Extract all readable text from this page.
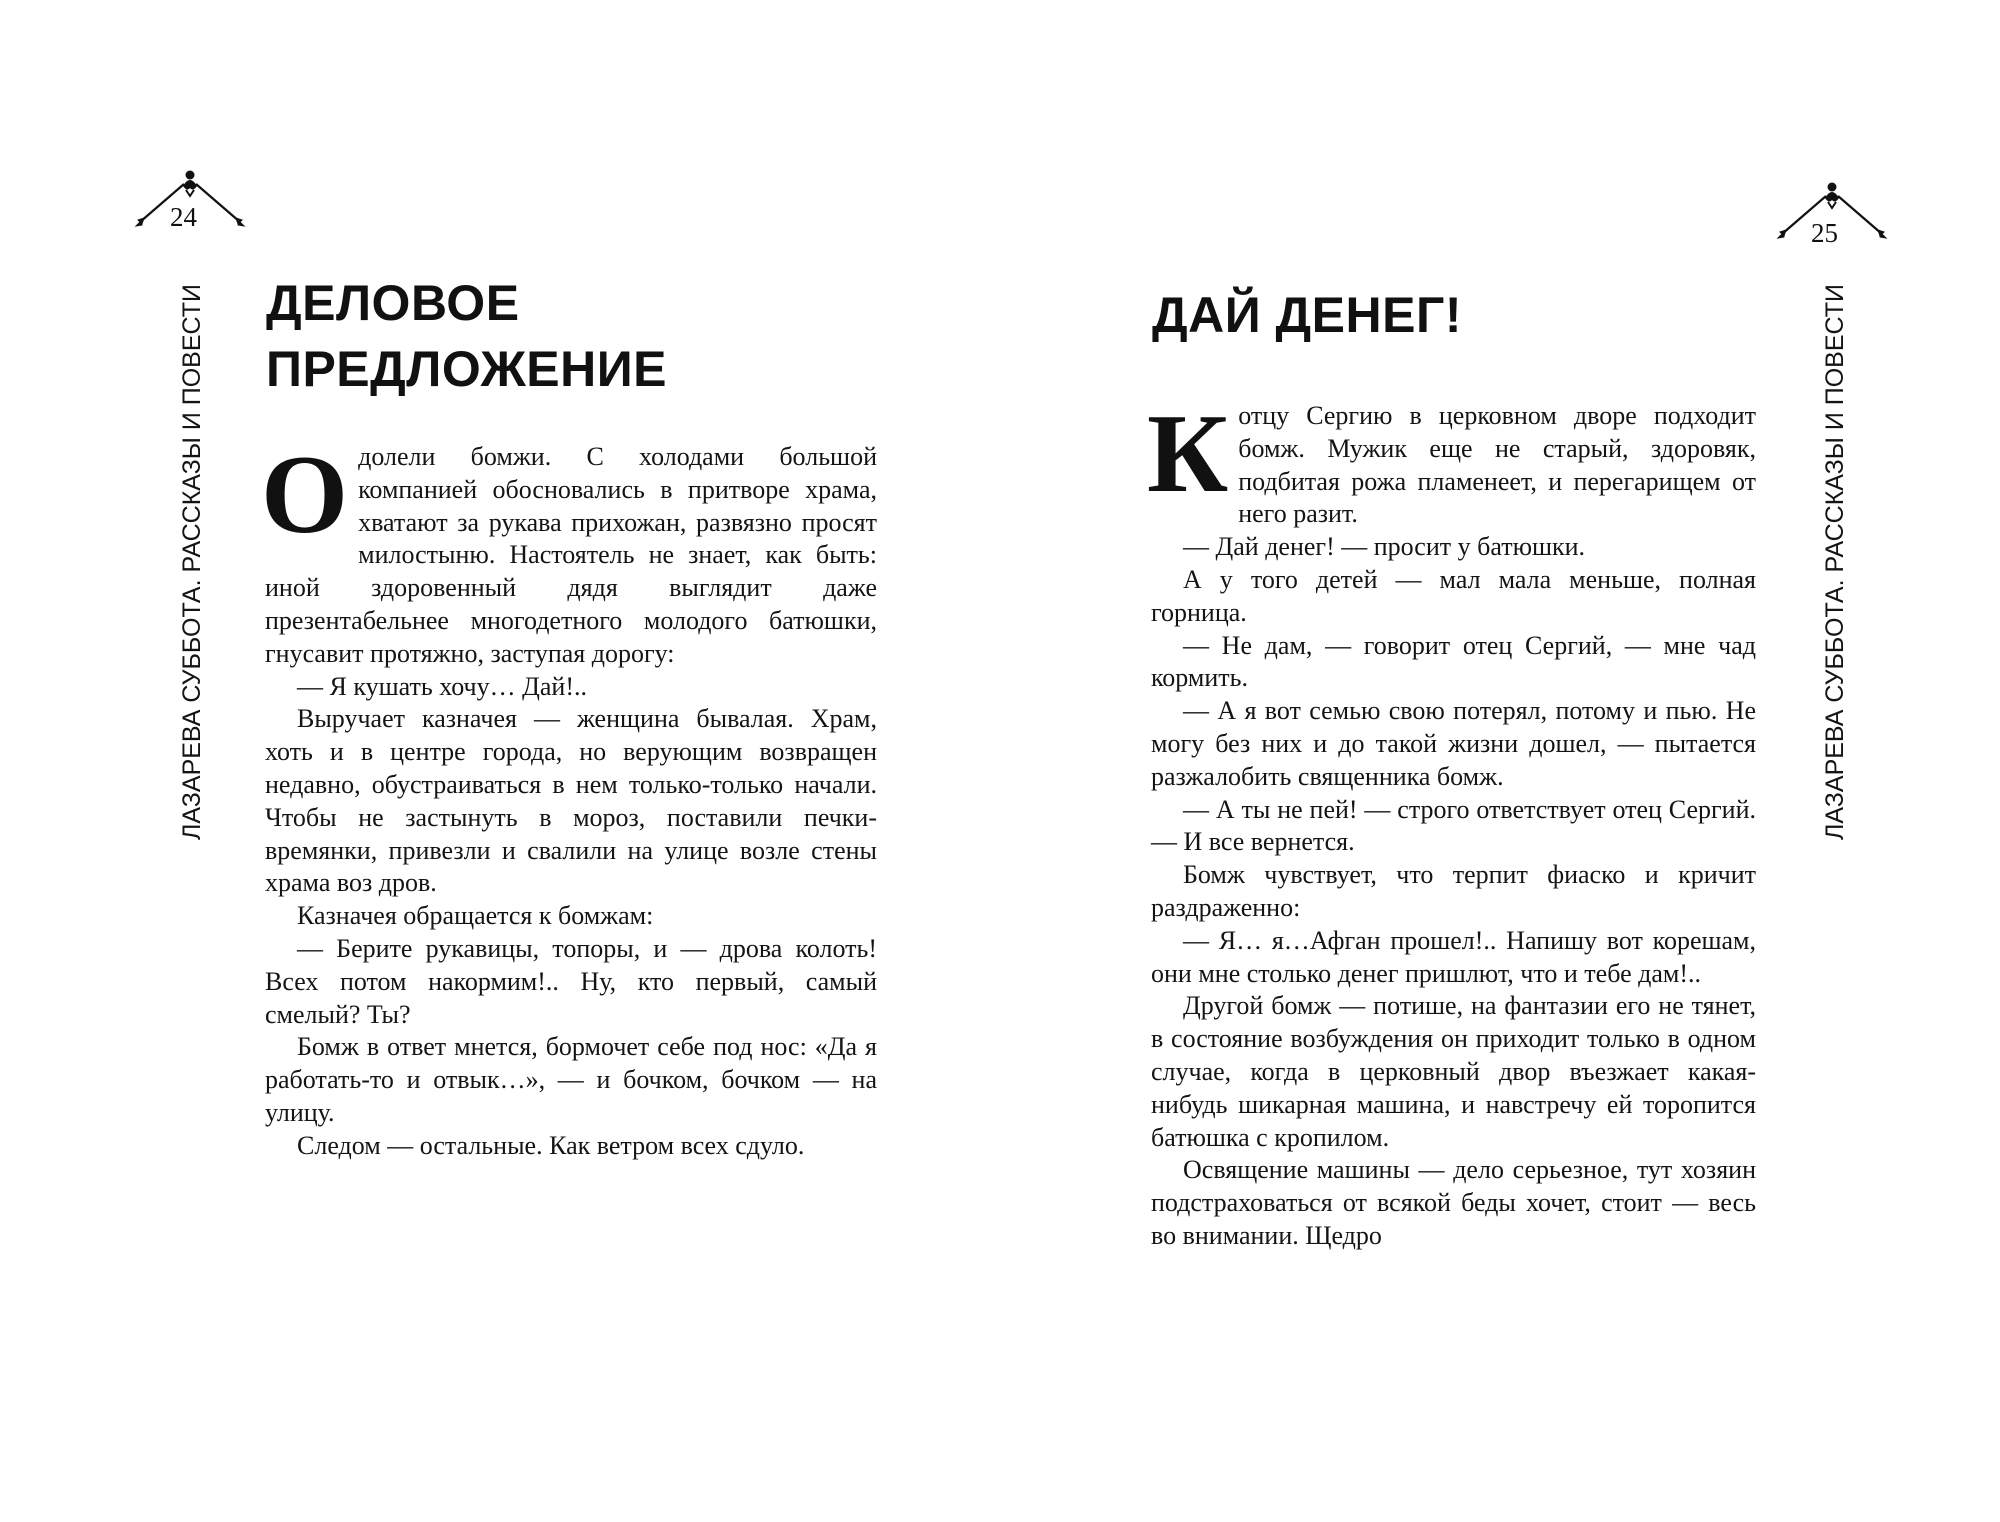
24
ЛАЗАРЕВА СУББОТА. РАССКАЗЫ И ПОВЕСТИ ДЕЛОВОЕ
ПРЕДЛОЖЕНИЕ
О долели бомжи. С холодами большой компанией обосновались в притворе храма, хватают за рукава прихожан, развязно просят милостыню. Настоятель не знает, как быть: иной здоровенный дядя выглядит даже презентабельнее многодетного молодого батюшки, гнусавит протяжно, заступая дорогу:

— Я кушать хочу… Дай!..

Выручает казначея — женщина бывалая. Храм, хоть и в центре города, но верующим возвращен недавно, обустраиваться в нем только-только начали. Чтобы не застынуть в мороз, поставили печки-времянки, привезли и свалили на улице возле стены храма воз дров.

Казначея обращается к бомжам:

— Берите рукавицы, топоры, и — дрова колоть! Всех потом накормим!.. Ну, кто первый, самый смелый? Ты?

Бомж в ответ мнется, бормочет себе под нос: «Да я работать-то и отвык…», — и бочком, бочком — на улицу.

Следом — остальные. Как ветром всех сдуло.

25
ЛАЗАРЕВА СУББОТА. РАССКАЗЫ И ПОВЕСТИ
ДАЙ ДЕНЕГ!
К отцу Сергию в церковном дворе подходит бомж. Мужик еще не старый, здоровяк, подбитая рожа пламенеет, и перегарищем от него разит.

— Дай денег! — просит у батюшки.

А у того детей — мал мала меньше, полная горница.

— Не дам, — говорит отец Сергий, — мне чад кормить.

— А я вот семью свою потерял, потому и пью. Не могу без них и до такой жизни дошел, — пытается разжалобить священника бомж.

— А ты не пей! — строго ответствует отец Сергий. — И все вернется.

Бомж чувствует, что терпит фиаско и кричит раздраженно:

— Я… я…Афган прошел!.. Напишу вот корешам, они мне столько денег пришлют, что и тебе дам!..

Другой бомж — потише, на фантазии его не тянет, в состояние возбуждения он приходит только в одном случае, когда в церковный двор въезжает какая-нибудь шикарная машина, и навстречу ей торопится батюшка с кропилом.

Освящение машины — дело серьезное, тут хозяин подстраховаться от всякой беды хочет, стоит — весь во внимании. Щедро
